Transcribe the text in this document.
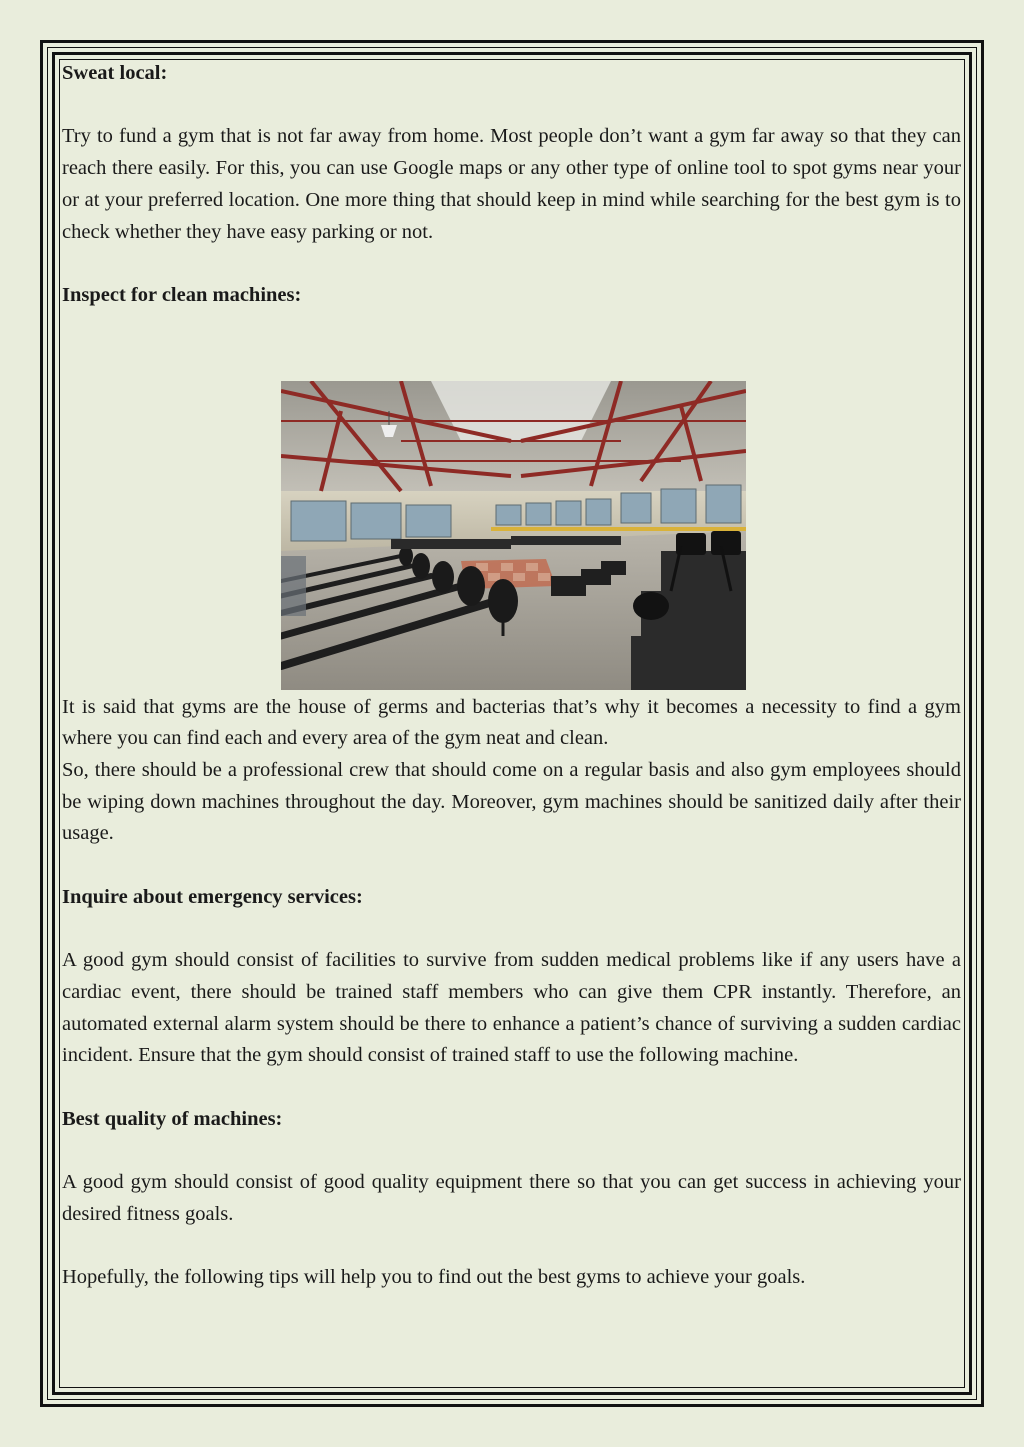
Sweat local:

Try to fund a gym that is not far away from home. Most people don’t want a gym far away so that they can reach there easily. For this, you can use Google maps or any other type of online tool to spot gyms near your or at your preferred location. One more thing that should keep in mind while searching for the best gym is to check whether they have easy parking or not.

Inspect for clean machines:

It is said that gyms are the house of germs and bacterias that’s why it becomes a necessity to find a gym where you can find each and every area of the gym neat and clean.

So, there should be a professional crew that should come on a regular basis and also gym employees should be wiping down machines throughout the day. Moreover, gym machines should be sanitized daily after their usage.

Inquire about emergency services:

A good gym should consist of facilities to survive from sudden medical problems like if any users have a cardiac event, there should be trained staff members who can give them CPR instantly. Therefore, an automated external alarm system should be there to enhance a patient’s chance of surviving a sudden cardiac incident. Ensure that the gym should consist of trained staff to use the following machine.

Best quality of machines:

A good gym should consist of good quality equipment there so that you can get success in achieving your desired fitness goals.

Hopefully, the following tips will help you to find out the best gyms to achieve your goals.
